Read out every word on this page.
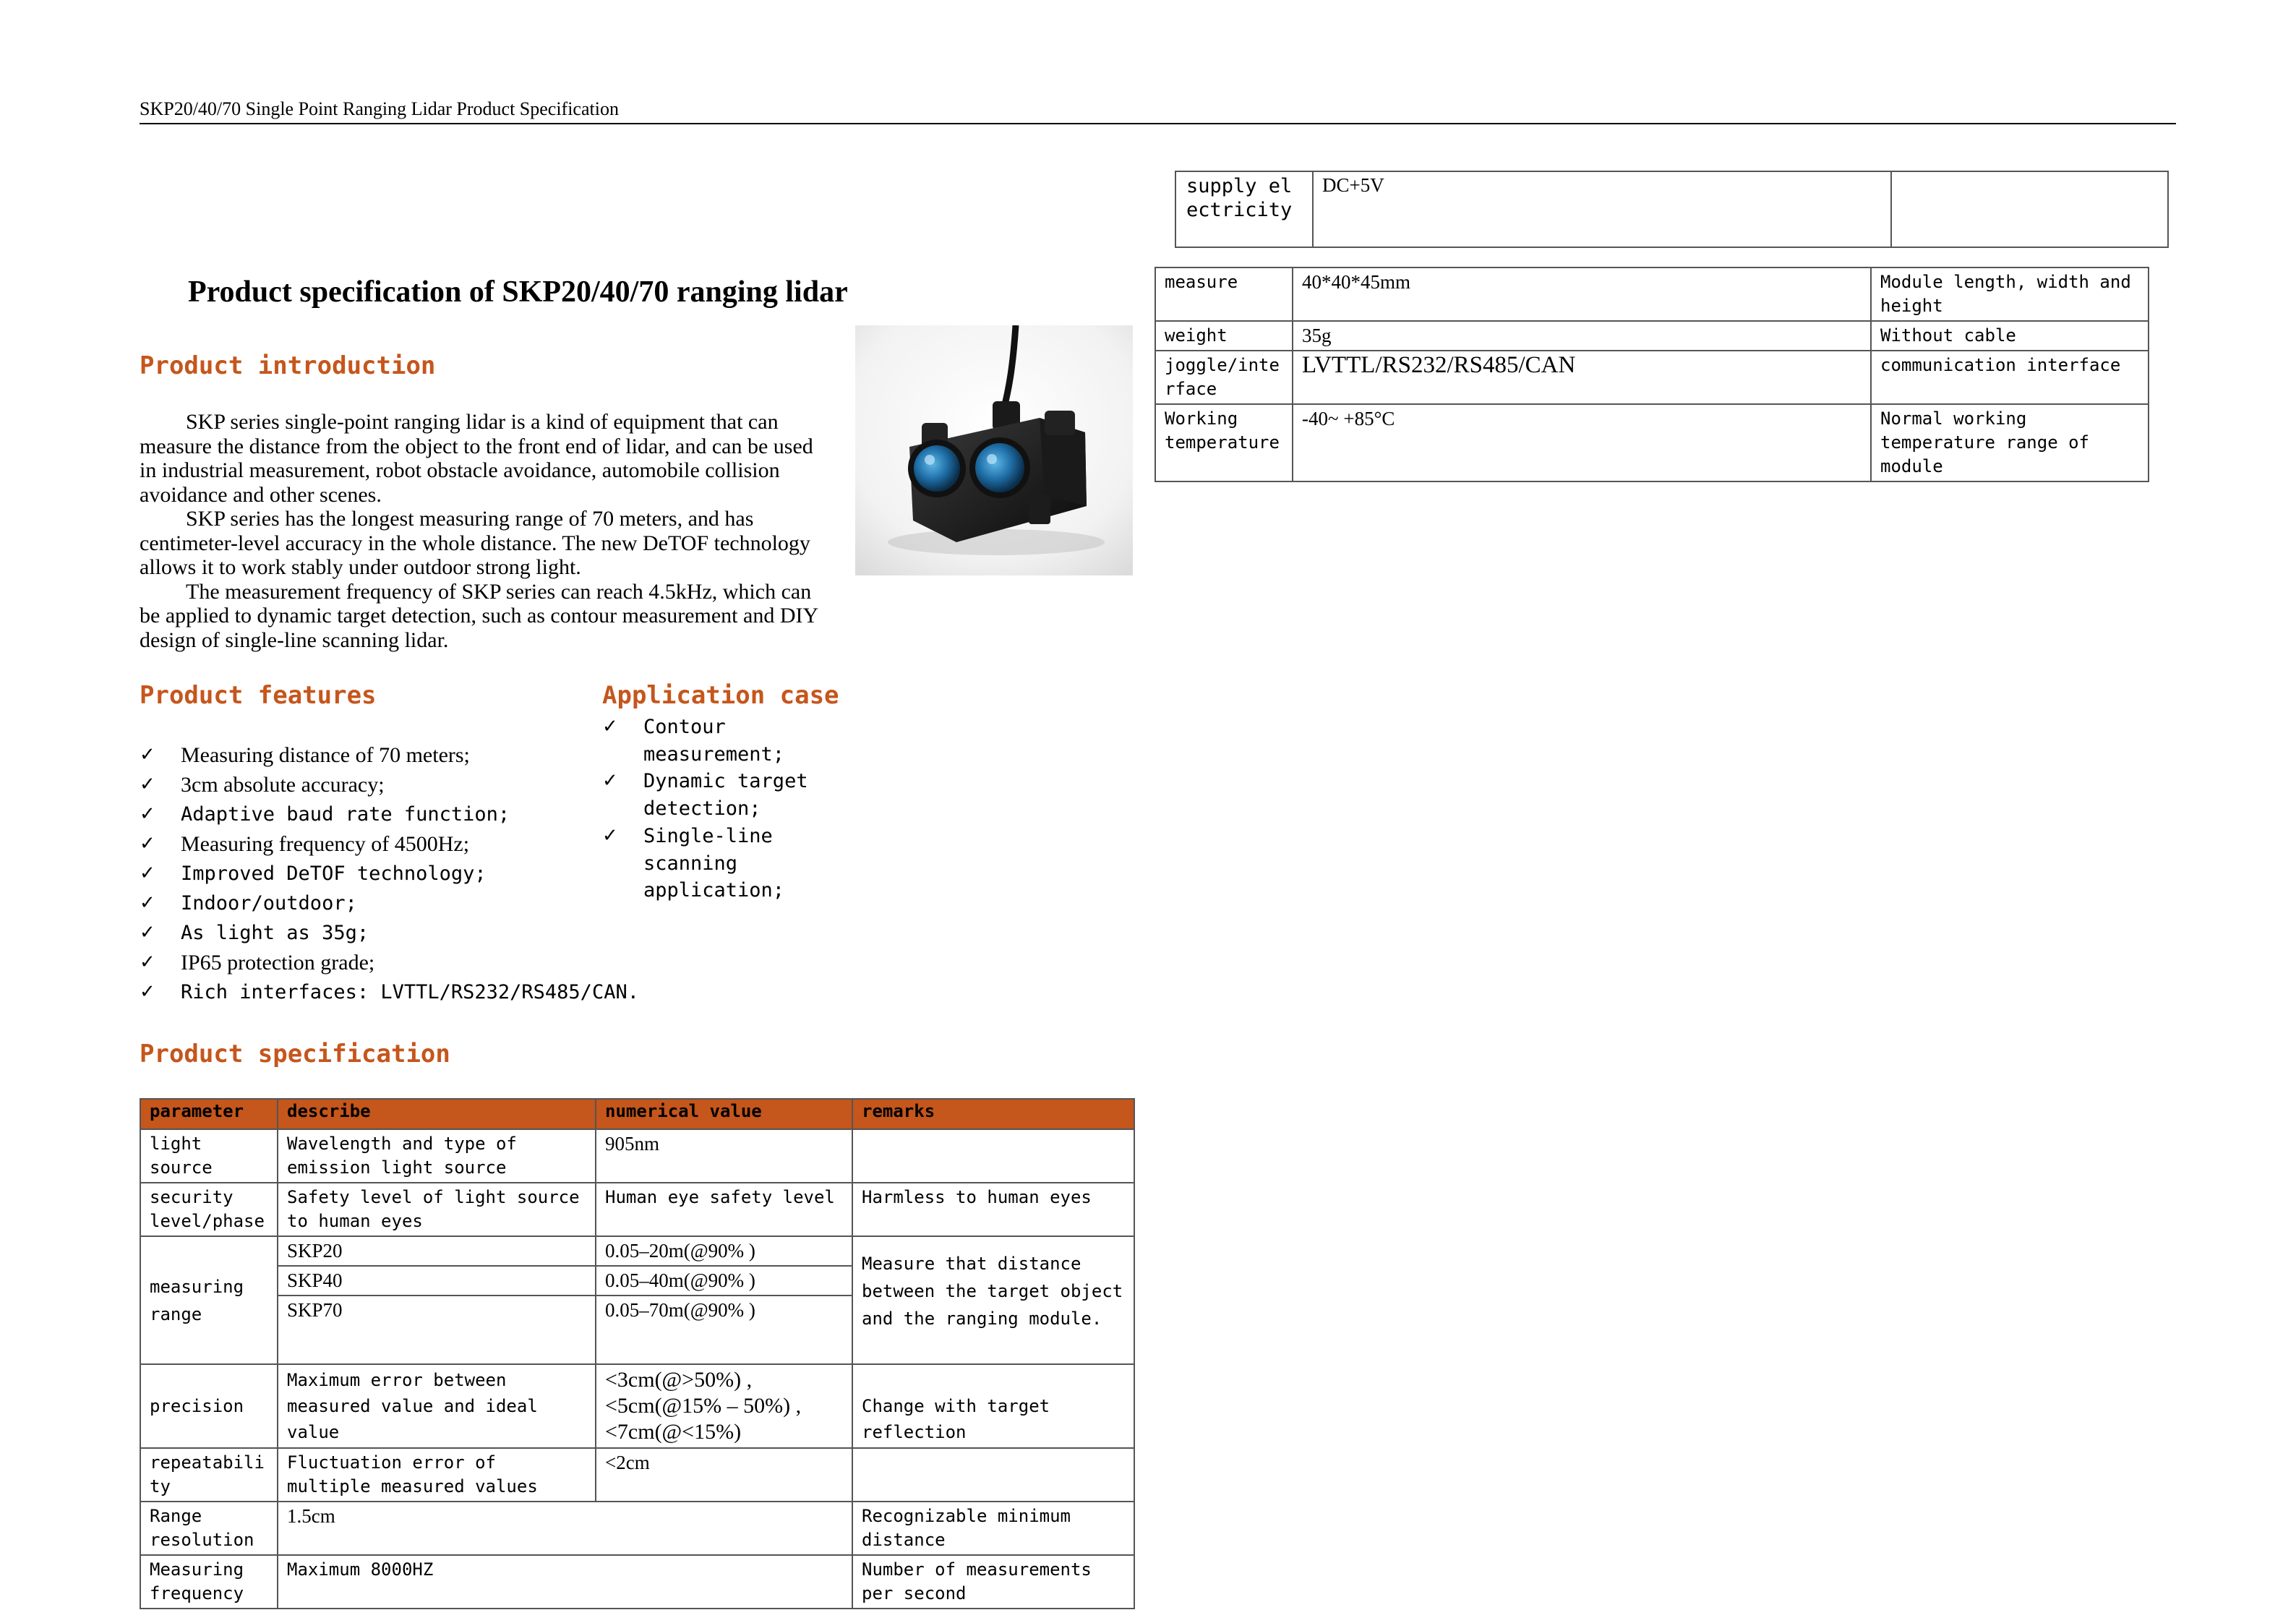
SKP20/40/70 Single Point Ranging Lidar Product Specification
Product specification of SKP20/40/70 ranging lidar
Product introduction

SKP series single-point ranging lidar is a kind of equipment that can measure the distance from the object to the front end of lidar, and can be used in industrial measurement, robot obstacle avoidance, automobile collision avoidance and other scenes.

SKP series has the longest measuring range of 70 meters, and has centimeter-level accuracy in the whole distance. The new DeTOF technology allows it to work stably under outdoor strong light.

The measurement frequency of SKP series can reach 4.5kHz, which can be applied to dynamic target detection, such as contour measurement and DIY design of single-line scanning lidar.

Product features
✓ Measuring distance of 70 meters;
✓ 3cm absolute accuracy;
✓ Adaptive baud rate function;
✓ Measuring frequency of 4500Hz;
✓ Improved DeTOF technology;
✓ Indoor/outdoor;
✓ As light as 35g;
✓ IP65 protection grade;
✓ Rich interfaces: LVTTL/RS232/RS485/CAN.
Application case
✓ Contour measurement;
✓ Dynamic target detection;
✓ Single-line scanning application;
Product specification
parameter	describe	numerical value	remarks
light source	Wavelength and type of emission light source	905nm	
security level/phase	Safety level of light source to human eyes	Human eye safety level	Harmless to human eyes
measuring range	SKP20	0.05–20m(@90% )	Measure that distance between the target object and the ranging module.
	SKP40	0.05–40m(@90% )	
	SKP70	0.05–70m(@90% )	

precision	Maximum error between measured value and ideal value	<3cm(@>50%) ,
<5cm(@15% – 50%) ,
<7cm(@<15%)	Change with target reflection
repeatability	Fluctuation error of multiple measured values	<2cm	
Range resolution	1.5cm		Recognizable minimum distance
Measuring frequency	Maximum 8000HZ		Number of measurements per second
supply electricity	DC+5V	
measure	40*40*45mm	Module length, width and height
weight	35g	Without cable
joggle/interface	LVTTL/RS232/RS485/CAN	communication interface
Working temperature	-40~ +85°C	Normal working temperature range of module
